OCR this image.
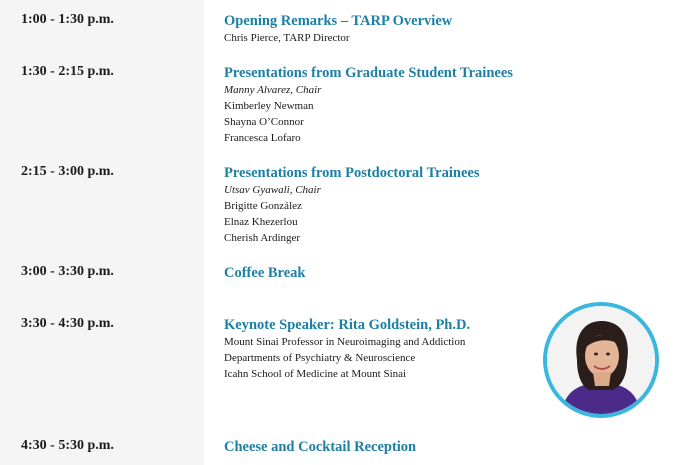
1:00 - 1:30 p.m.	Opening Remarks – TARP Overview
Chris Pierce, TARP Director
1:30 - 2:15 p.m.	Presentations from Graduate Student Trainees
Manny Alvarez, Chair
Kimberley Newman
Shayna O’Connor
Francesca Lofaro
2:15 - 3:00 p.m.	Presentations from Postdoctoral Trainees
Utsav Gyawali, Chair
Brigitte González
Elnaz Khezerlou
Cherish Ardinger
3:00 - 3:30 p.m.	Coffee Break
3:30 - 4:30 p.m.	Keynote Speaker: Rita Goldstein, Ph.D.
Mount Sinai Professor in Neuroimaging and Addiction
Departments of Psychiatry & Neuroscience
Icahn School of Medicine at Mount Sinai
4:30 - 5:30 p.m.	Cheese and Cocktail Reception
